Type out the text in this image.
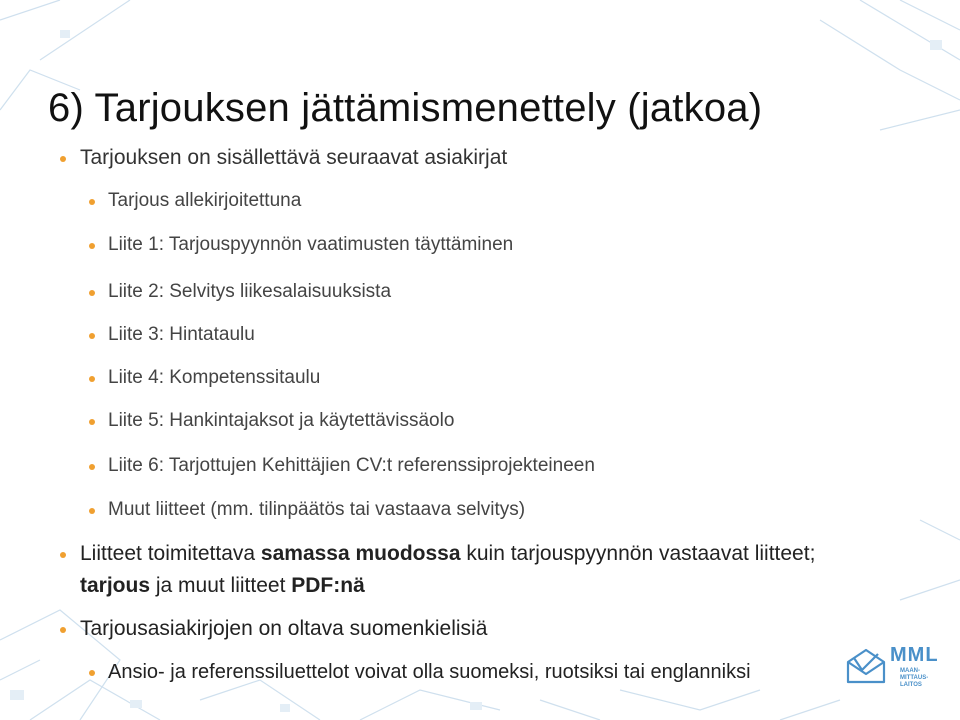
6) Tarjouksen jättämismenettely (jatkoa)
Tarjouksen on sisällettävä seuraavat asiakirjat
Tarjous allekirjoitettuna
Liite 1: Tarjouspyynnön vaatimusten täyttäminen
Liite 2: Selvitys liikesalaisuuksista
Liite 3: Hintataulu
Liite 4: Kompetenssitaulu
Liite 5: Hankintajaksot ja käytettävissäolo
Liite 6: Tarjottujen Kehittäjien CV:t referenssiprojekteineen
Muut liitteet (mm. tilinpäätös tai vastaava selvitys)
Liitteet toimitettava samassa muodossa kuin tarjouspyynnön vastaavat liitteet;
tarjous ja muut liitteet PDF:nä
Tarjousasiakirjojen on oltava suomenkielisiä
Ansio- ja referenssiluettelot voivat olla suomeksi, ruotsiksi tai englanniksi
MML
MAAN-
MITTAUS-
LAITOS
